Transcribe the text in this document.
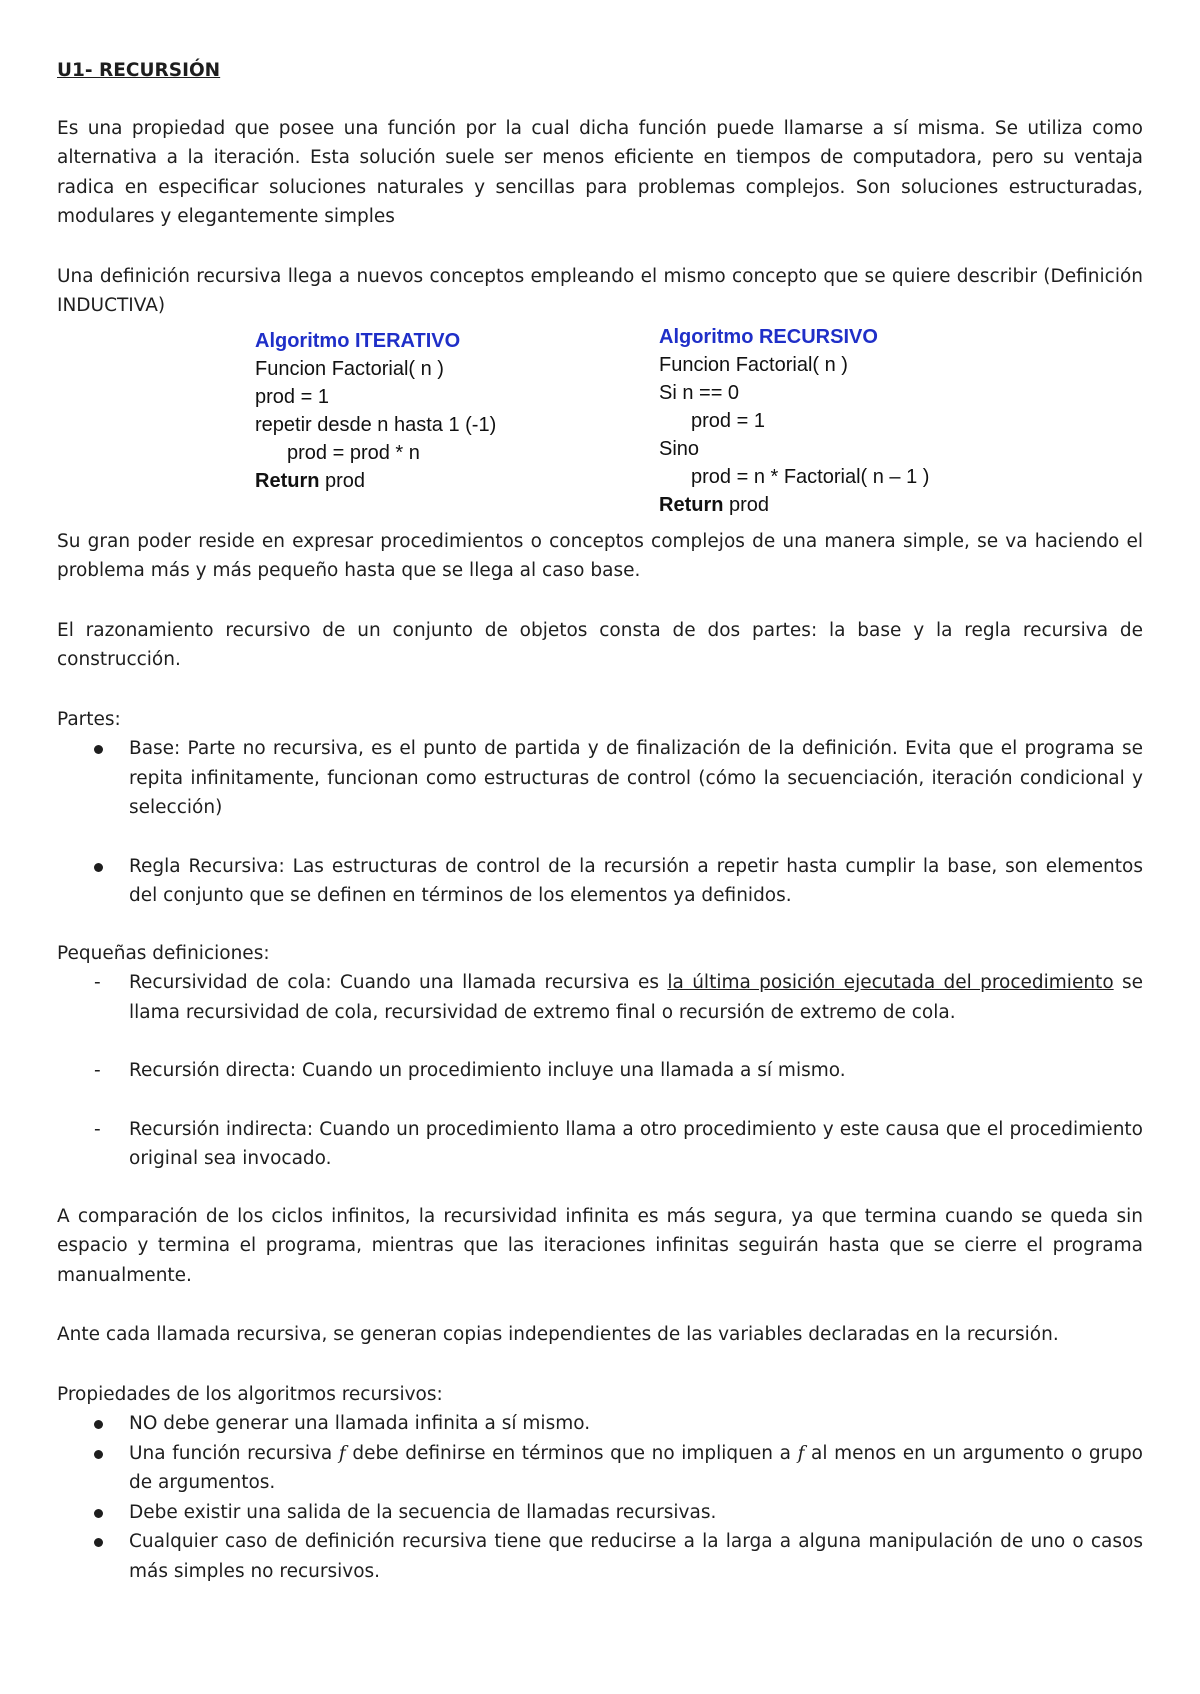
U1- RECURSIÓN

Es una propiedad que posee una función por la cual dicha función puede llamarse a sí misma. Se utiliza como alternativa a la iteración. Esta solución suele ser menos eficiente en tiempos de computadora, pero su ventaja radica en especificar soluciones naturales y sencillas para problemas complejos. Son soluciones estructuradas, modulares y elegantemente simples

Una definición recursiva llega a nuevos conceptos empleando el mismo concepto que se quiere describir (Definición INDUCTIVA)

Algoritmo ITERATIVO
Funcion Factorial( n )
prod = 1
repetir desde n hasta 1 (-1)
prod = prod * n
Return prod
Algoritmo RECURSIVO
Funcion Factorial( n )
Si n == 0
prod = 1
Sino
prod = n * Factorial( n – 1 )
Return prod

Su gran poder reside en expresar procedimientos o conceptos complejos de una manera simple, se va haciendo el problema más y más pequeño hasta que se llega al caso base.

El razonamiento recursivo de un conjunto de objetos consta de dos partes: la base y la regla recursiva de construcción.

Partes:
Base: Parte no recursiva, es el punto de partida y de finalización de la definición. Evita que el programa se repita infinitamente, funcionan como estructuras de control (cómo la secuenciación, iteración condicional y selección)
Regla Recursiva: Las estructuras de control de la recursión a repetir hasta cumplir la base, son elementos del conjunto que se definen en términos de los elementos ya definidos.
Pequeñas definiciones:
- Recursividad de cola: Cuando una llamada recursiva es la última posición ejecutada del procedimiento se llama recursividad de cola, recursividad de extremo final o recursión de extremo de cola.
- Recursión directa: Cuando un procedimiento incluye una llamada a sí mismo.
- Recursión indirecta: Cuando un procedimiento llama a otro procedimiento y este causa que el procedimiento original sea invocado.

A comparación de los ciclos infinitos, la recursividad infinita es más segura, ya que termina cuando se queda sin espacio y termina el programa, mientras que las iteraciones infinitas seguirán hasta que se cierre el programa manualmente.

Ante cada llamada recursiva, se generan copias independientes de las variables declaradas en la recursión.

Propiedades de los algoritmos recursivos:
NO debe generar una llamada infinita a sí mismo.
Una función recursiva f debe definirse en términos que no impliquen a f al menos en un argumento o grupo de argumentos.
Debe existir una salida de la secuencia de llamadas recursivas.
Cualquier caso de definición recursiva tiene que reducirse a la larga a alguna manipulación de uno o casos más simples no recursivos.
